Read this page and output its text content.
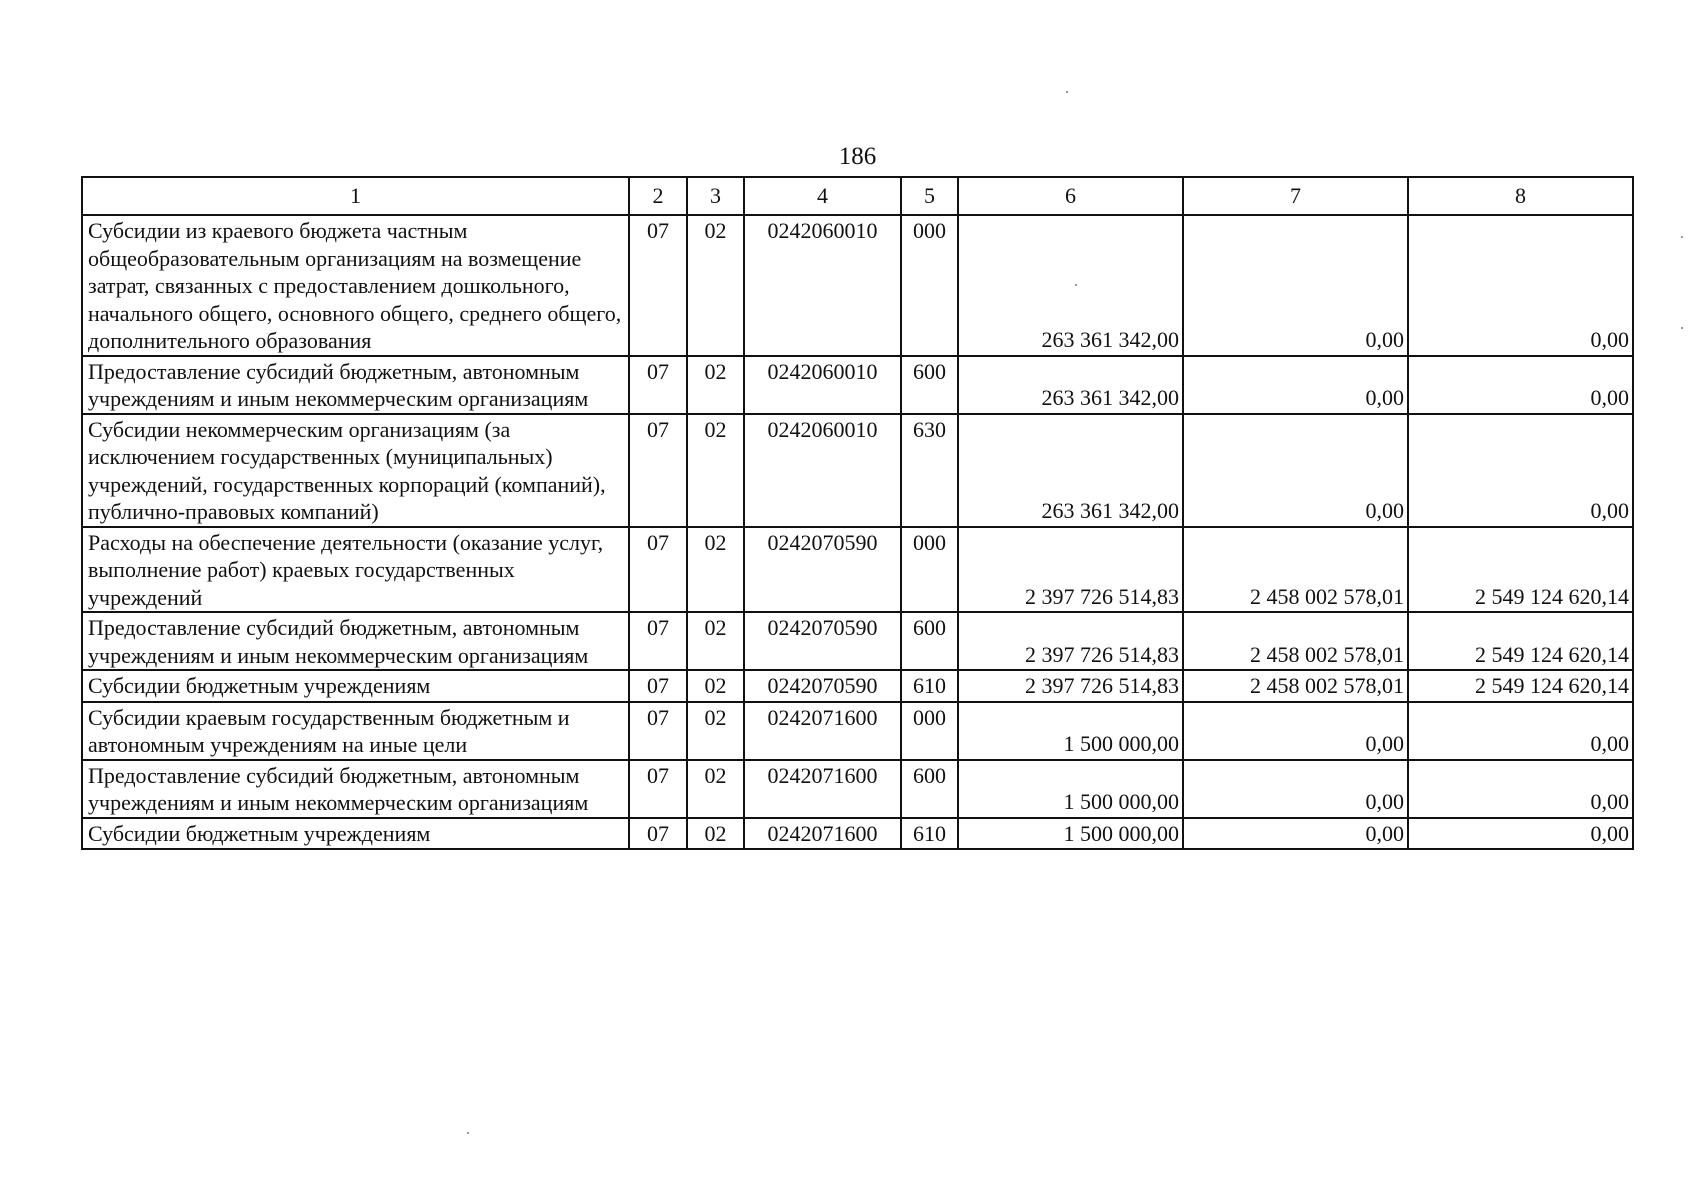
186
1	2	3	4	5	6	7	8
Субсидии из краевого бюджета частным общеобразовательным организациям на возмещение затрат, связанных с предоставлением дошкольного, начального общего, основного общего, среднего общего, дополнительного образования	07	02	0242060010	000	263 361 342,00	0,00	0,00
Предоставление субсидий бюджетным, автономным учреждениям и иным некоммерческим организациям	07	02	0242060010	600	263 361 342,00	0,00	0,00
Субсидии некоммерческим организациям (за исключением государственных (муниципальных) учреждений, государственных корпораций (компаний), публично-правовых компаний)	07	02	0242060010	630	263 361 342,00	0,00	0,00
Расходы на обеспечение деятельности (оказание услуг, выполнение работ) краевых государственных учреждений	07	02	0242070590	000	2 397 726 514,83	2 458 002 578,01	2 549 124 620,14
Предоставление субсидий бюджетным, автономным учреждениям и иным некоммерческим организациям	07	02	0242070590	600	2 397 726 514,83	2 458 002 578,01	2 549 124 620,14
Субсидии бюджетным учреждениям	07	02	0242070590	610	2 397 726 514,83	2 458 002 578,01	2 549 124 620,14
Субсидии краевым государственным бюджетным и автономным учреждениям на иные цели	07	02	0242071600	000	1 500 000,00	0,00	0,00
Предоставление субсидий бюджетным, автономным учреждениям и иным некоммерческим организациям	07	02	0242071600	600	1 500 000,00	0,00	0,00
Субсидии бюджетным учреждениям	07	02	0242071600	610	1 500 000,00	0,00	0,00
